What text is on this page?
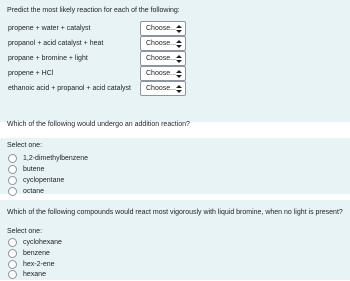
Predict the most likely reaction for each of the following:
propene + water + catalyst	Choose...
propanol + acid catalyst + heat	Choose...
propane + bromine + light	Choose...
propene + HCl	Choose...
ethanoic acid + propanol + acid catalyst Choose...
Which of the following would undergo an addition reaction?
Select one:
1,2-dimethylbenzene
butene
cyclopentane
octane
Which of the following compounds would react most vigorously with liquid bromine, when no light is present?
Select one:
cyclohexane
benzene
hex-2-ene
hexane
